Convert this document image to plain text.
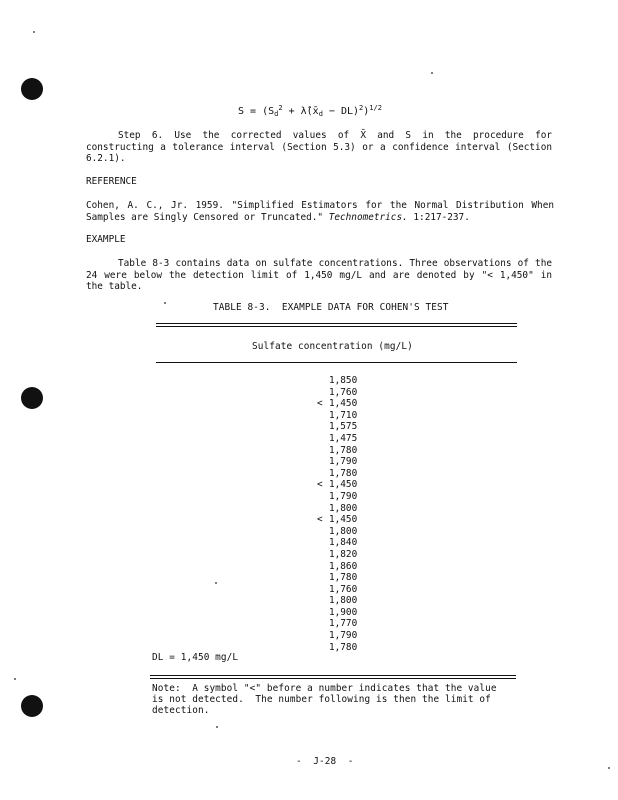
$S = (S_d^2$ + $\lambdâ(x̄_d - DL)^2)^{1/2}$
Step 6. Use the corrected values of X̄ and S in the procedure for constructing a tolerance interval (Section 5.3) or a confidence interval (Section 6.2.1).
REFERENCE
Cohen, A. C., Jr. 1959. "Simplified Estimators for the Normal Distribution When Samples are Singly Censored or Truncated." Technometrics. 1:217-237.
EXAMPLE
Table 8-3 contains data on sulfate concentrations. Three observations of the 24 were below the detection limit of 1,450 mg/L and are denoted by "< 1,450" in the table.
TABLE 8-3.  EXAMPLE DATA FOR COHEN'S TEST
Sulfate concentration (mg/L)
1,850
1,760
< 1,450
1,710
1,575
1,475
1,780
1,790
1,780
< 1,450
1,790
1,800
< 1,450
1,800
1,840
1,820
1,860
1,780
1,760
1,800
1,900
1,770
1,790
1,780
DL = 1,450 mg/L
Note:  A symbol "<" before a number indicates that the value
is not detected.  The number following is then the limit of
detection.
-  J-28  -
